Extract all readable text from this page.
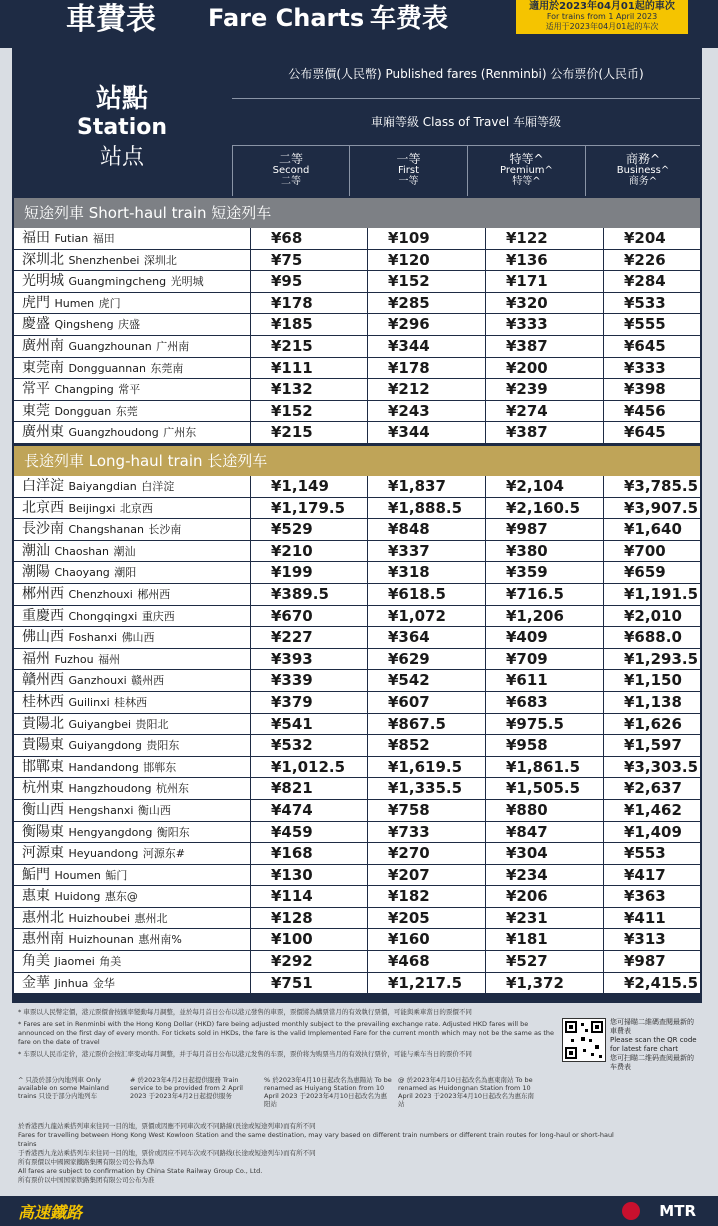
車費表 Fare Charts 车费表	適用於2023年04月01起的車次
For trains from 1 April 2023
适用于2023年04月01起的车次
站點
Station
站点
公布票價(人民幣) Published fares (Renminbi) 公布票价(人民币)
車廂等級 Class of Travel 车厢等级
二等
Second
二等
一等
First
一等
特等^
Premium^
特等^
商務^
Business^
商务^
短途列車 Short-haul train 短途列车
福田 Futian 福田	¥68	¥109	¥122	¥204
深圳北 Shenzhenbei 深圳北	¥75	¥120	¥136	¥226
光明城 Guangmingcheng 光明城	¥95	¥152	¥171	¥284
虎門 Humen 虎门	¥178	¥285	¥320	¥533
慶盛 Qingsheng 庆盛	¥185	¥296	¥333	¥555
廣州南 Guangzhounan 广州南	¥215	¥344	¥387	¥645
東莞南 Dongguannan 东莞南	¥111	¥178	¥200	¥333
常平 Changping 常平	¥132	¥212	¥239	¥398
東莞 Dongguan 东莞	¥152	¥243	¥274	¥456
廣州東 Guangzhoudong 广州东	¥215	¥344	¥387	¥645
長途列車 Long-haul train 长途列车
白洋淀 Baiyangdian 白洋淀	¥1,149	¥1,837	¥2,104	¥3,785.5
北京西 Beijingxi 北京西	¥1,179.5	¥1,888.5	¥2,160.5	¥3,907.5
長沙南 Changshanan 长沙南	¥529	¥848	¥987	¥1,640
潮汕 Chaoshan 潮汕	¥210	¥337	¥380	¥700
潮陽 Chaoyang 潮阳	¥199	¥318	¥359	¥659
郴州西 Chenzhouxi 郴州西	¥389.5	¥618.5	¥716.5	¥1,191.5
重慶西 Chongqingxi 重庆西	¥670	¥1,072	¥1,206	¥2,010
佛山西 Foshanxi 佛山西	¥227	¥364	¥409	¥688.0
福州 Fuzhou 福州	¥393	¥629	¥709	¥1,293.5
贛州西 Ganzhouxi 赣州西	¥339	¥542	¥611	¥1,150
桂林西 Guilinxi 桂林西	¥379	¥607	¥683	¥1,138
貴陽北 Guiyangbei 贵阳北	¥541	¥867.5	¥975.5	¥1,626
貴陽東 Guiyangdong 贵阳东	¥532	¥852	¥958	¥1,597
邯鄲東 Handandong 邯郸东	¥1,012.5	¥1,619.5	¥1,861.5	¥3,303.5
杭州東 Hangzhoudong 杭州东	¥821	¥1,335.5	¥1,505.5	¥2,637
衡山西 Hengshanxi 衡山西	¥474	¥758	¥880	¥1,462
衡陽東 Hengyangdong 衡阳东	¥459	¥733	¥847	¥1,409
河源東 Heyuandong 河源东#	¥168	¥270	¥304	¥553
鮜門 Houmen 鲘门	¥130	¥207	¥234	¥417
惠東 Huidong 惠东@	¥114	¥182	¥206	¥363
惠州北 Huizhoubei 惠州北	¥128	¥205	¥231	¥411
惠州南 Huizhounan 惠州南%	¥100	¥160	¥181	¥313
角美 Jiaomei 角美	¥292	¥468	¥527	¥987
金華 Jinhua 金华	¥751	¥1,217.5	¥1,372	¥2,415.5

* 車票以人民幣定價，港元票價會按匯率變動每月調整，並於每月首日公布以港元發售的車票，票價將為購票當月的有效執行票價，可能與乘車當日的票價不同

* Fares are set in Renminbi with the Hong Kong Dollar (HKD) fare being adjusted monthly subject to the prevailing exchange rate. Adjusted HKD fares will be announced on the first day of every month. For tickets sold in HKDs, the fare is the valid Implemented Fare for the current month which may not be the same as the fare on the date of travel

* 车票以人民币定价，港元票价会按汇率变动每月调整，并于每月首日公布以港元发售的车票，票价将为购票当月的有效执行票价，可能与乘车当日的票价不同

您可掃瞄二維碼查閱最新的車費表
Please scan the QR code for latest fare chart
您可扫瞄二维码查阅最新的车费表
^ 只設於部分內地列車 Only available on some Mainland trains 只设于部分内地列车
# 於2023年4月2日起提供服務 Train service to be provided from 2 April 2023 于2023年4月2日起提供服务
% 於2023年4月10日起改名為惠陽站 To be renamed as Huiyang Station from 10 April 2023 于2023年4月10日起改名为惠阳站
@ 於2023年4月10日起改名為惠東南站 To be renamed as Huidongnan Station from 10 April 2023 于2023年4月10日起改名为惠东南站
於香港西九龍站乘搭列車來往同一目的地，票價或因應不同車次或不同路線(長途或短途列車)而有所不同
Fares for travelling between Hong Kong West Kowloon Station and the same destination, may vary based on different train numbers or different train routes for long-haul or short-haul trains
于香港西九龙站乘搭列车来往同一目的地，票价或因应不同车次或不同路线(长途或短途列车)而有所不同
所有票價以中國國家鐵路集團有限公司公佈為準
All fares are subject to confirmation by China State Railway Group Co., Ltd.
所有票价以中国国家铁路集团有限公司公布为准
高速鐵路	MTR
